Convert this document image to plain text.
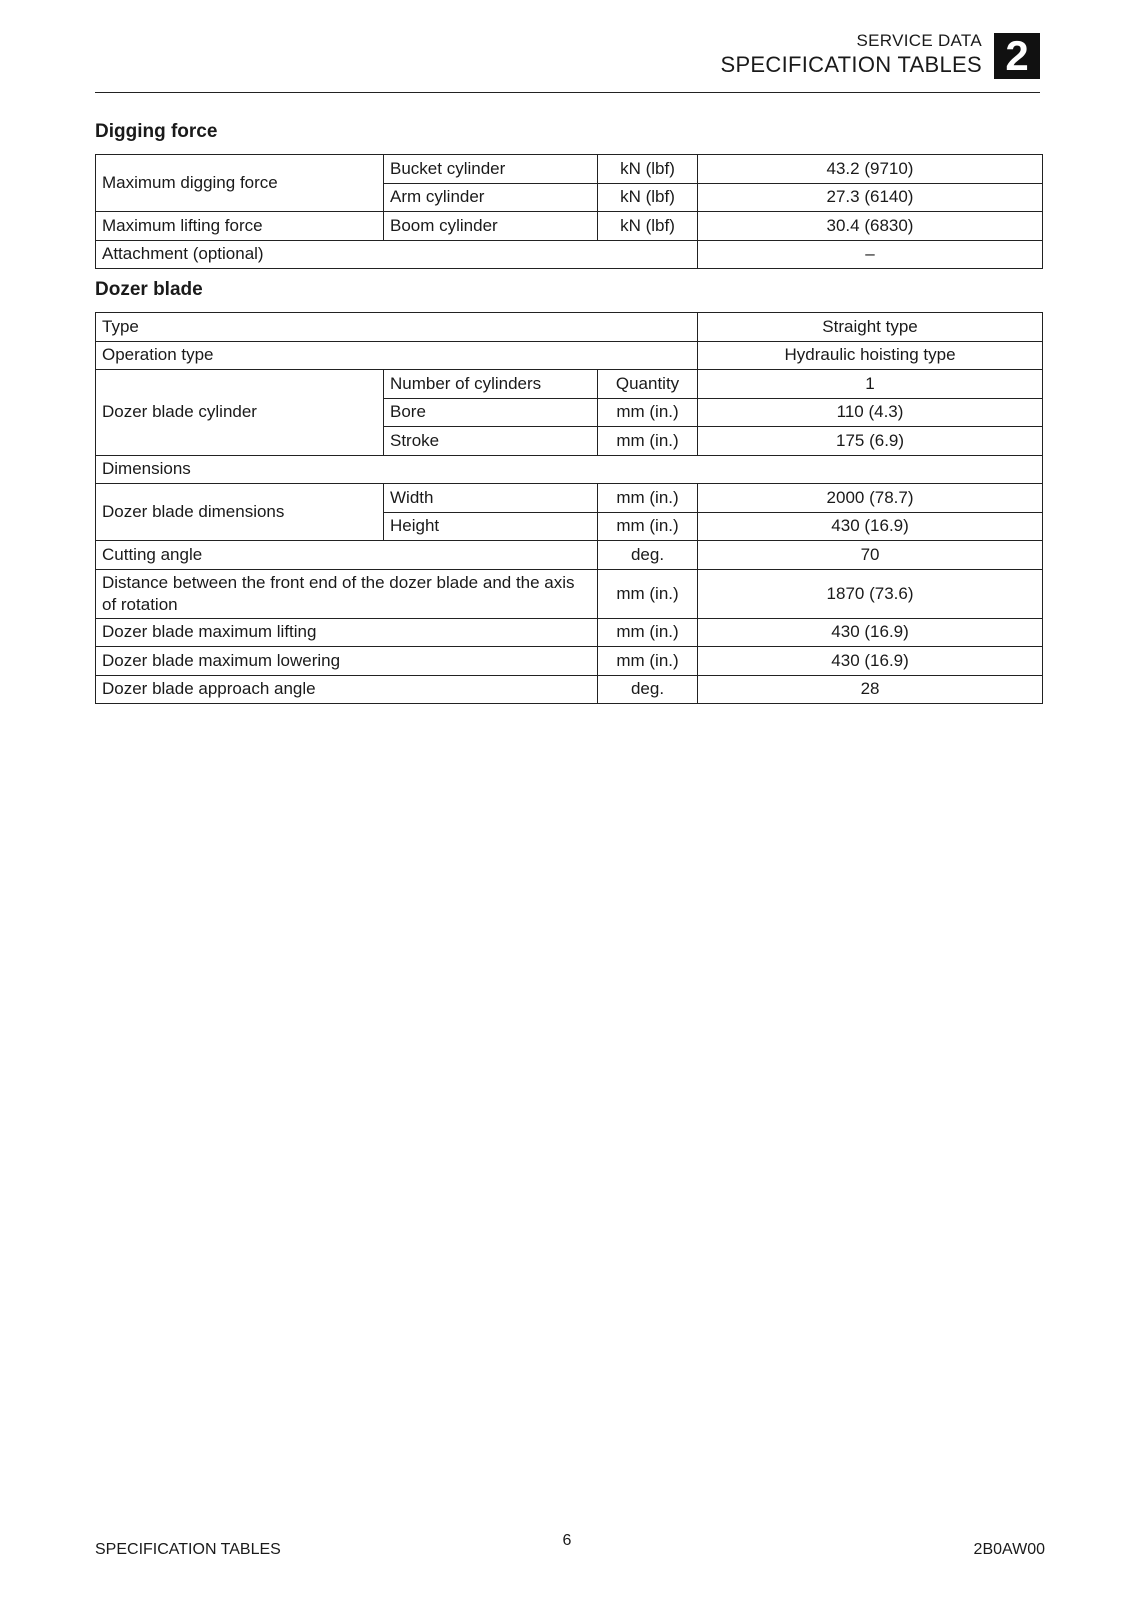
SERVICE DATA
SPECIFICATION TABLES 2
Digging force
Maximum digging force	Bucket cylinder	kN (lbf)	43.2 (9710)
	Arm cylinder	kN (lbf)	27.3 (6140)
Maximum lifting force	Boom cylinder	kN (lbf)	30.4 (6830)
Attachment (optional)			–
Dozer blade
Type			Straight type
Operation type			Hydraulic hoisting type
Dozer blade cylinder	Number of cylinders	Quantity	1
	Bore	mm (in.)	110 (4.3)
	Stroke	mm (in.)	175 (6.9)
Dimensions			
Dozer blade dimensions	Width	mm (in.)	2000 (78.7)
	Height	mm (in.)	430 (16.9)
Cutting angle		deg.	70
Distance between the front end of the dozer blade and the axis of rotation		mm (in.)	1870 (73.6)
Dozer blade maximum lifting		mm (in.)	430 (16.9)
Dozer blade maximum lowering		mm (in.)	430 (16.9)
Dozer blade approach angle		deg.	28
SPECIFICATION TABLES
6
2B0AW00
